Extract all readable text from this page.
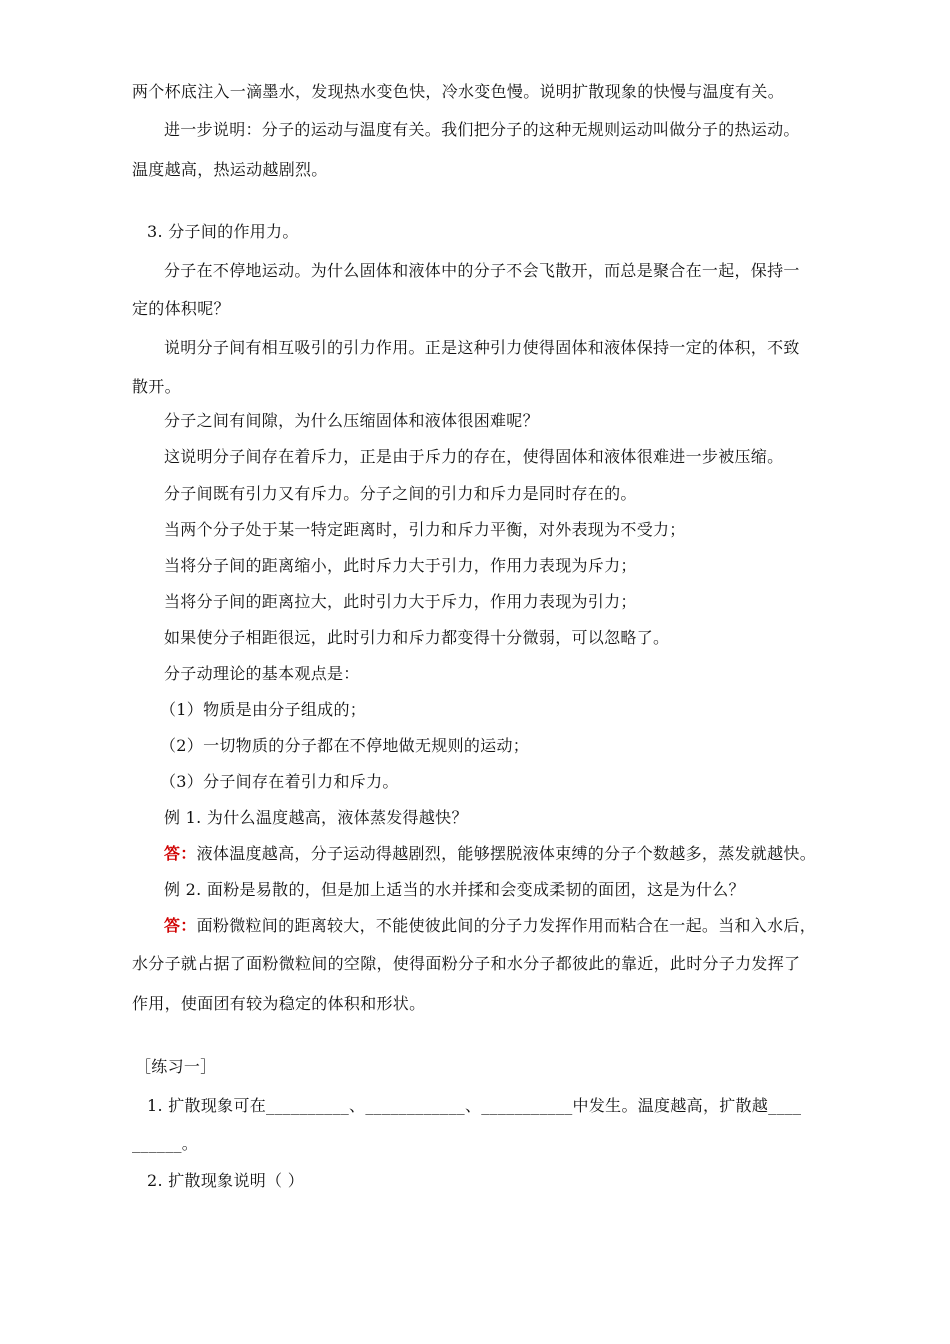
两个杯底注入一滴墨水，发现热水变色快，冷水变色慢。说明扩散现象的快慢与温度有关。
进一步说明：分子的运动与温度有关。我们把分子的这种无规则运动叫做分子的热运动。
温度越高，热运动越剧烈。
3. 分子间的作用力。
分子在不停地运动。为什么固体和液体中的分子不会飞散开，而总是聚合在一起，保持一
定的体积呢？
说明分子间有相互吸引的引力作用。正是这种引力使得固体和液体保持一定的体积，不致
散开。
分子之间有间隙，为什么压缩固体和液体很困难呢？
这说明分子间存在着斥力，正是由于斥力的存在，使得固体和液体很难进一步被压缩。
分子间既有引力又有斥力。分子之间的引力和斥力是同时存在的。
当两个分子处于某一特定距离时，引力和斥力平衡，对外表现为不受力；
当将分子间的距离缩小，此时斥力大于引力，作用力表现为斥力；
当将分子间的距离拉大，此时引力大于斥力，作用力表现为引力；
如果使分子相距很远，此时引力和斥力都变得十分微弱，可以忽略了。
分子动理论的基本观点是：
（1）物质是由分子组成的；
（2）一切物质的分子都在不停地做无规则的运动；
（3）分子间存在着引力和斥力。
例 1. 为什么温度越高，液体蒸发得越快？
答：液体温度越高，分子运动得越剧烈，能够摆脱液体束缚的分子个数越多，蒸发就越快。
例 2. 面粉是易散的，但是加上适当的水并揉和会变成柔韧的面团，这是为什么？
答：面粉微粒间的距离较大，不能使彼此间的分子力发挥作用而粘合在一起。当和入水后，
水分子就占据了面粉微粒间的空隙，使得面粉分子和水分子都彼此的靠近，此时分子力发挥了
作用，使面团有较为稳定的体积和形状。
［练习一］
1. 扩散现象可在__________、____________、___________中发生。温度越高，扩散越____
______。
2. 扩散现象说明（ ）
